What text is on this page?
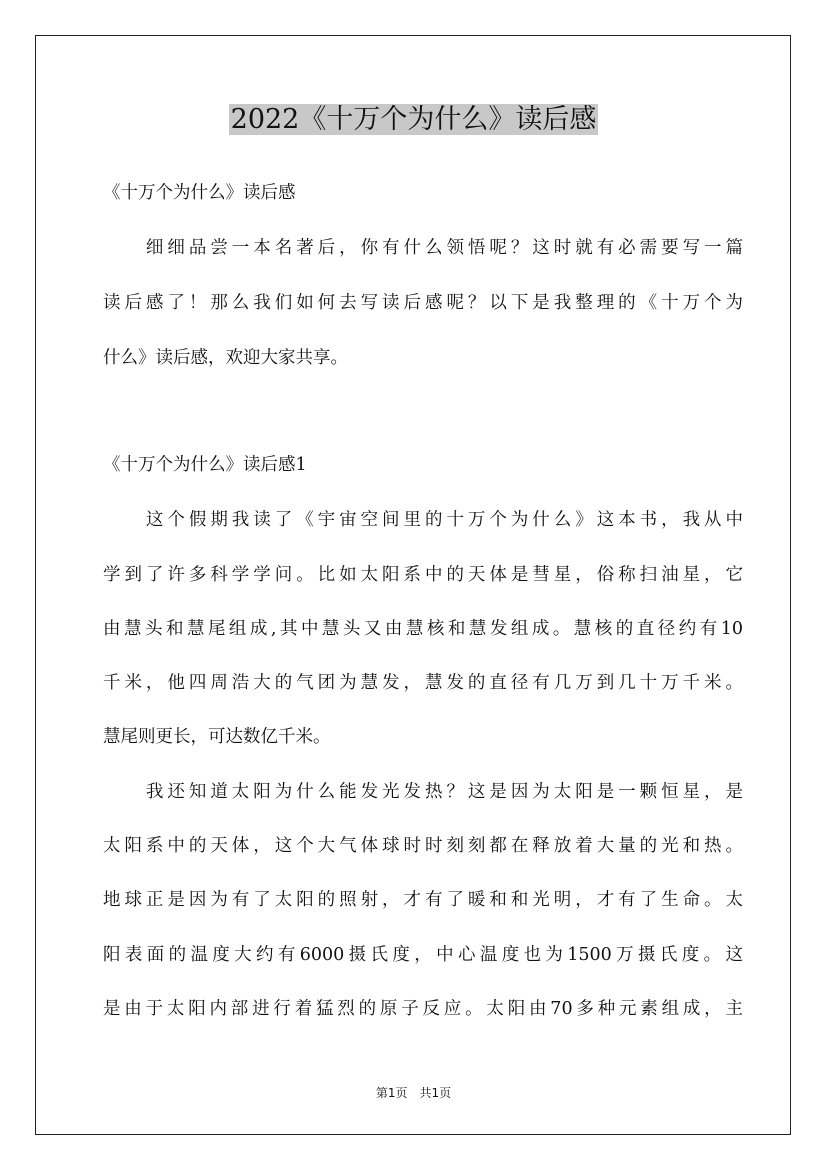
2022《十万个为什么》读后感
《十万个为什么》读后感
　　细细品尝一本名著后，你有什么领悟呢？这时就有必需要写一篇
读后感了！那么我们如何去写读后感呢？以下是我整理的《十万个为
什么》读后感，欢迎大家共享。
《十万个为什么》读后感1
　　这个假期我读了《宇宙空间里的十万个为什么》这本书，我从中
学到了许多科学学问。比如太阳系中的天体是彗星，俗称扫油星，它
由慧头和慧尾组成,其中慧头又由慧核和慧发组成。慧核的直径约有10
千米，他四周浩大的气团为慧发，慧发的直径有几万到几十万千米。
慧尾则更长，可达数亿千米。
　　我还知道太阳为什么能发光发热？这是因为太阳是一颗恒星，是
太阳系中的天体，这个大气体球时时刻刻都在释放着大量的光和热。
地球正是因为有了太阳的照射，才有了暖和和光明，才有了生命。太
阳表面的温度大约有6000摄氏度，中心温度也为1500万摄氏度。这
是由于太阳内部进行着猛烈的原子反应。太阳由70多种元素组成，主
第1页　共1页
